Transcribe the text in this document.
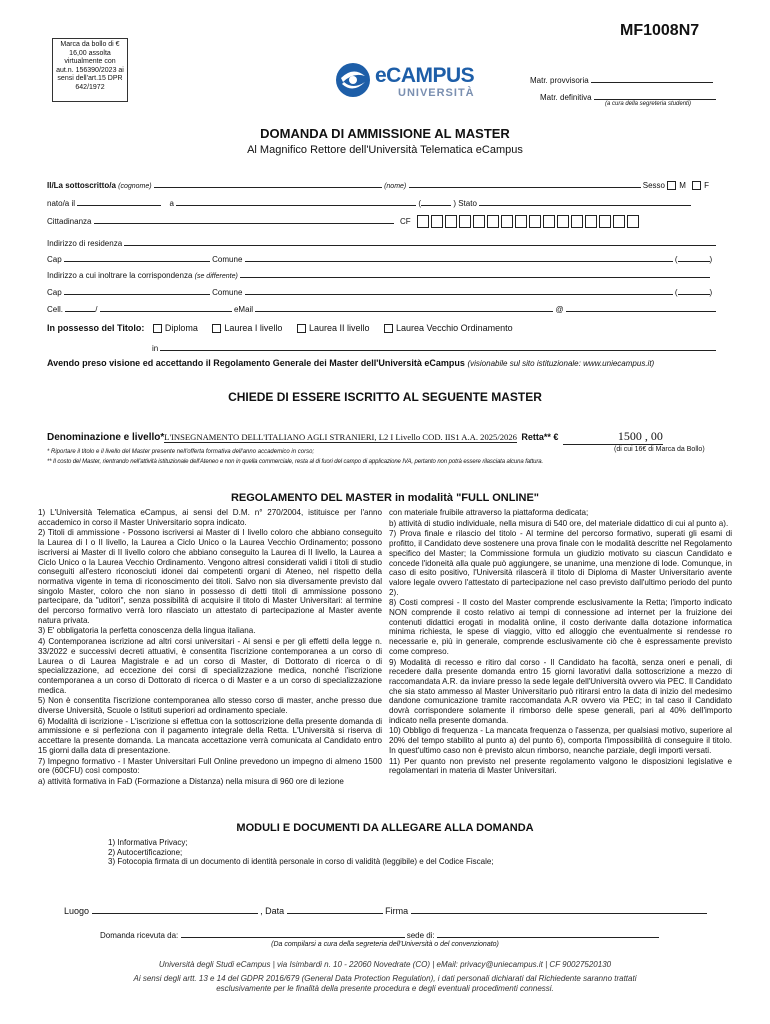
MF1008N7
Marca da bollo di € 16,00 assolta virtualmente con aut.n. 156390/2023 ai sensi dell'art.15 DPR 642/1972	eCAMPUS
UNIVERSITÀ
Matr. provvisoria
Matr. definitiva
(a cura della segreteria studenti)
DOMANDA DI AMMISSIONE AL MASTER
Al Magnifico Rettore dell'Università Telematica eCampus
Il/La sottoscritto/a (cognome)	(nome)	Sesso M F
nato/a il	a	(	) Stato
Cittadinanza	CF
Indirizzo di residenza
Cap	Comune	(	)
Indirizzo a cui inoltrare la corrispondenza (se differente)
Cap	Comune	(	)
Cell.	/	eMail	@
In possesso del Titolo: Diploma	Laurea I livello	Laurea II livello	Laurea Vecchio Ordinamento
in
Avendo preso visione ed accettando il Regolamento Generale dei Master dell'Università eCampus (visionabile sul sito istituzionale: www.uniecampus.it)
CHIEDE DI ESSERE ISCRITTO AL SEGUENTE MASTER
Denominazione e livello*L'INSEGNAMENTO DELL'ITALIANO AGLI STRANIERI, L2 I Livello COD. IIS1 A.A. 2025/2026 Retta** €	1500 , 00
(di cui 16€ di Marca da Bollo)
* Riportare il titolo e il livello del Master presente nell'offerta formativa dell'anno accademico in corso;
** Il costo del Master, rientrando nell'attività istituzionale dell'Ateneo e non in quella commerciale, resta al di fuori del campo di applicazione IVA, pertanto non potrà essere rilasciata alcuna fattura.
REGOLAMENTO DEL MASTER in modalità "FULL ONLINE"

1) L'Università Telematica eCampus, ai sensi del D.M. n° 270/2004, istituisce per l'anno accademico in corso il Master Universitario sopra indicato.

2) Titoli di ammissione - Possono iscriversi ai Master di I livello coloro che abbiano conseguito la Laurea di I o II livello, la Laurea a Ciclo Unico o la Laurea Vecchio Ordinamento; possono iscriversi ai Master di II livello coloro che abbiano conseguito la Laurea di II livello, la Laurea a Ciclo Unico o la Laurea Vecchio Ordinamento. Vengono altresì considerati validi i titoli di studio conseguiti all'estero riconosciuti idonei dai competenti organi di Ateneo, nel rispetto della normativa vigente in tema di riconoscimento dei titoli. Salvo non sia diversamente previsto dal singolo Master, coloro che non siano in possesso di detti titoli di ammissione possono partecipare, da "uditori", senza possibilità di acquisire il titolo di Master Universitari: al termine del percorso formativo verrà loro rilasciato un attestato di partecipazione al Master avente natura privata.

3) E' obbligatoria la perfetta conoscenza della lingua italiana.

4) Contemporanea iscrizione ad altri corsi universitari - Ai sensi e per gli effetti della legge n. 33/2022 e successivi decreti attuativi, è consentita l'iscrizione contemporanea a un corso di Laurea o di Laurea Magistrale e ad un corso di Master, di Dottorato di ricerca o di specializzazione, ad eccezione dei corsi di specializzazione medica, nonché l'iscrizione contemporanea a un corso di Dottorato di ricerca o di Master e a un corso di specializzazione medica.

5) Non è consentita l'iscrizione contemporanea allo stesso corso di master, anche presso due diverse Università, Scuole o Istituti superiori ad ordinamento speciale.

6) Modalità di iscrizione - L'iscrizione si effettua con la sottoscrizione della presente domanda di ammissione e si perfeziona con il pagamento integrale della Retta. L'Università si riserva di accettare la presente domanda. La mancata accettazione verrà comunicata al Candidato entro 15 giorni dalla data di presentazione.

7) Impegno formativo - I Master Universitari Full Online prevedono un impegno di almeno 1500 ore (60CFU) così composto:

a) attività formativa in FaD (Formazione a Distanza) nella misura di 960 ore di lezione

con materiale fruibile attraverso la piattaforma dedicata;

b) attività di studio individuale, nella misura di 540 ore, del materiale didattico di cui al punto a).

7) Prova finale e rilascio del titolo - Al termine del percorso formativo, superati gli esami di profitto, il Candidato deve sostenere una prova finale con le modalità descritte nel Regolamento specifico del Master; la Commissione formula un giudizio motivato su ciascun Candidato e concede l'idoneità alla quale può aggiungere, se unanime, una menzione di lode. Comunque, in caso di esito positivo, l'Università rilascerà il titolo di Diploma di Master Universitario avente valore legale ovvero l'attestato di partecipazione nel caso previsto dall'ultimo periodo del punto 2).

8) Costi compresi - Il costo del Master comprende esclusivamente la Retta; l'importo indicato NON comprende il costo relativo ai tempi di connessione ad internet per la fruizione dei contenuti didattici erogati in modalità online, il costo derivante dalla dotazione informatica minima richiesta, le spese di viaggio, vitto ed alloggio che eventualmente si rendesse ro necessarie e, più in generale, comprende esclusivamente ciò che è espressamente previsto come compreso.

9) Modalità di recesso e ritiro dal corso - Il Candidato ha facoltà, senza oneri e penali, di recedere dalla presente domanda entro 15 giorni lavorativi dalla sottoscrizione a mezzo di raccomandata A.R. da inviare presso la sede legale dell'Università ovvero via PEC. Il Candidato che sia stato ammesso al Master Universitario può ritirarsi entro la data di inizio del medesimo dandone comunicazione tramite raccomandata A.R ovvero via PEC; in tal caso il Candidato dovrà corrispondere solamente il rimborso delle spese generali, pari al 40% dell'importo indicato nella presente domanda.

10) Obbligo di frequenza - La mancata frequenza o l'assenza, per qualsiasi motivo, superiore al 20% del tempo stabilito al punto a) del punto 6), comporta l'impossibilità di conseguire il titolo. In quest'ultimo caso non è previsto alcun rimborso, neanche parziale, degli importi versati.

11) Per quanto non previsto nel presente regolamento valgono le disposizioni legislative e regolamentari in materia di Master Universitari.

MODULI E DOCUMENTI DA ALLEGARE ALLA DOMANDA
1) Informativa Privacy;
2) Autocertificazione;
3) Fotocopia firmata di un documento di identità personale in corso di validità (leggibile) e del Codice Fiscale;
Luogo	, Data	Firma
Domanda ricevuta da:	sede di:
(Da compilarsi a cura della segreteria dell'Università o del convenzionato)
Università degli Studi eCampus | via Isimbardi n. 10 - 22060 Novedrate (CO) | eMail: privacy@uniecampus.it | CF 90027520130
Ai sensi degli artt. 13 e 14 del GDPR 2016/679 (General Data Protection Regulation), i dati personali dichiarati dal Richiedente saranno trattati
esclusivamente per le finalità della presente procedura e degli eventuali procedimenti connessi.
